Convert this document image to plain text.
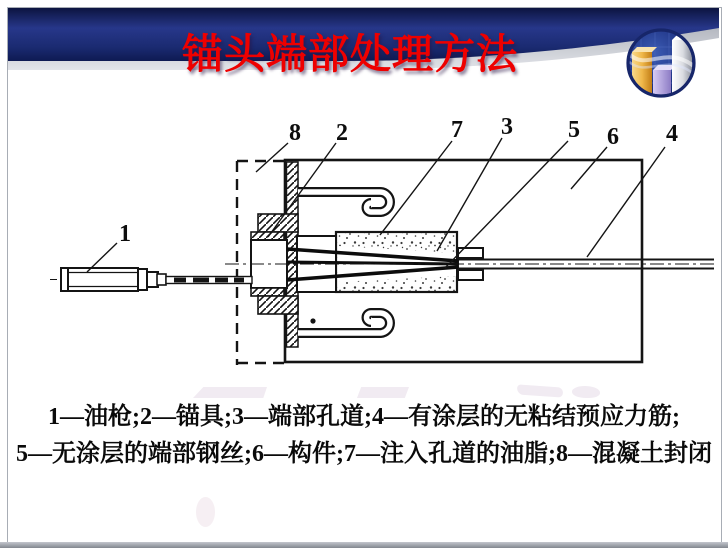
锚头端部处理方法
1
8 2	7 3 5 6 4
1—油枪;2—锚具;3—端部孔道;4—有涂层的无粘结预应力筋;
5—无涂层的端部钢丝;6—构件;7—注入孔道的油脂;8—混凝土封闭
